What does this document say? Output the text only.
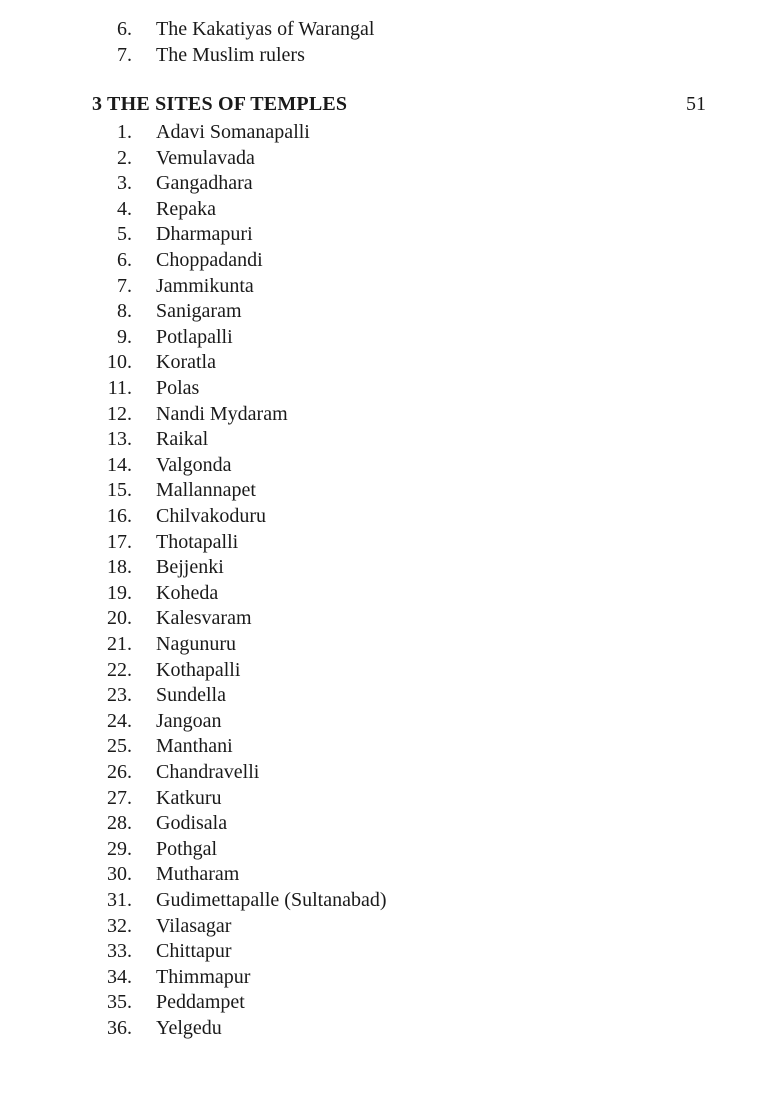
6. The Kakatiyas of Warangal
7. The Muslim rulers
3 THE SITES OF TEMPLES	51
1. Adavi Somanapalli
2. Vemulavada
3. Gangadhara
4. Repaka
5. Dharmapuri
6. Choppadandi
7. Jammikunta
8. Sanigaram
9. Potlapalli
10. Koratla
11. Polas
12. Nandi Mydaram
13. Raikal
14. Valgonda
15. Mallannapet
16. Chilvakoduru
17. Thotapalli
18. Bejjenki
19. Koheda
20. Kalesvaram
21. Nagunuru
22. Kothapalli
23. Sundella
24. Jangoan
25. Manthani
26. Chandravelli
27. Katkuru
28. Godisala
29. Pothgal
30. Mutharam
31. Gudimettapalle (Sultanabad)
32. Vilasagar
33. Chittapur
34. Thimmapur
35. Peddampet
36. Yelgedu
